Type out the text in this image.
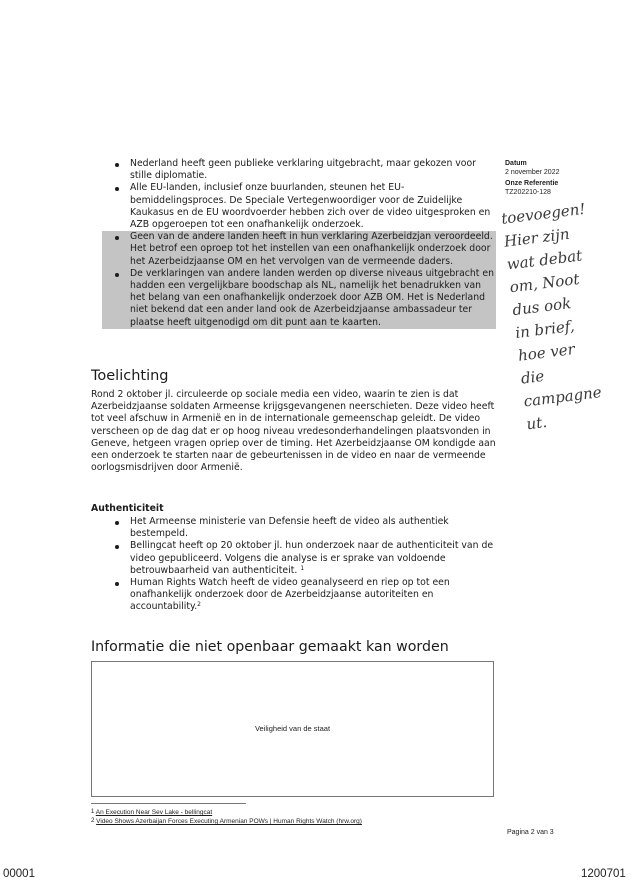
Datum
2 november 2022
Onze Referentie
TZ202210-128
toevoegen!
Hier zijn
wat debat
om, Noot
dus ook
in brief,
hoe ver
die
campagne
ut.
Nederland heeft geen publieke verklaring uitgebracht, maar gekozen voor stille diplomatie.
Alle EU-landen, inclusief onze buurlanden, steunen het EU-bemiddelingsproces. De Speciale Vertegenwoordiger voor de Zuidelijke Kaukasus en de EU woordvoerder hebben zich over de video uitgesproken en AZB opgeroepen tot een onafhankelijk onderzoek.
Geen van de andere landen heeft in hun verklaring Azerbeidzjan veroordeeld. Het betrof een oproep tot het instellen van een onafhankelijk onderzoek door het Azerbeidzjaanse OM en het vervolgen van de vermeende daders.
De verklaringen van andere landen werden op diverse niveaus uitgebracht en hadden een vergelijkbare boodschap als NL, namelijk het benadrukken van het belang van een onafhankelijk onderzoek door AZB OM. Het is Nederland niet bekend dat een ander land ook de Azerbeidzjaanse ambassadeur ter plaatse heeft uitgenodigd om dit punt aan te kaarten.
Toelichting
Rond 2 oktober jl. circuleerde op sociale media een video, waarin te zien is dat Azerbeidzjaanse soldaten Armeense krijgsgevangenen neerschieten. Deze video heeft tot veel afschuw in Armenië en in de internationale gemeenschap geleidt. De video verscheen op de dag dat er op hoog niveau vredesonderhandelingen plaatsvonden in Geneve, hetgeen vragen opriep over de timing. Het Azerbeidzjaanse OM kondigde aan een onderzoek te starten naar de gebeurtenissen in de video en naar de vermeende oorlogsmisdrijven door Armenië.
Authenticiteit
Het Armeense ministerie van Defensie heeft de video als authentiek bestempeld.
Bellingcat heeft op 20 oktober jl. hun onderzoek naar de authenticiteit van de video gepubliceerd. Volgens die analyse is er sprake van voldoende betrouwbaarheid van authenticiteit. $^1$
Human Rights Watch heeft de video geanalyseerd en riep op tot een onafhankelijk onderzoek door de Azerbeidzjaanse autoriteiten en accountability.$^2$
Informatie die niet openbaar gemaakt kan worden
Veiligheid van de staat
$^1$ An Execution Near Sev Lake - bellingcat
$^2$ Video Shows Azerbaijan Forces Executing Armenian POWs | Human Rights Watch (hrw.org)
Pagina 2 van 3
00001	1200701
